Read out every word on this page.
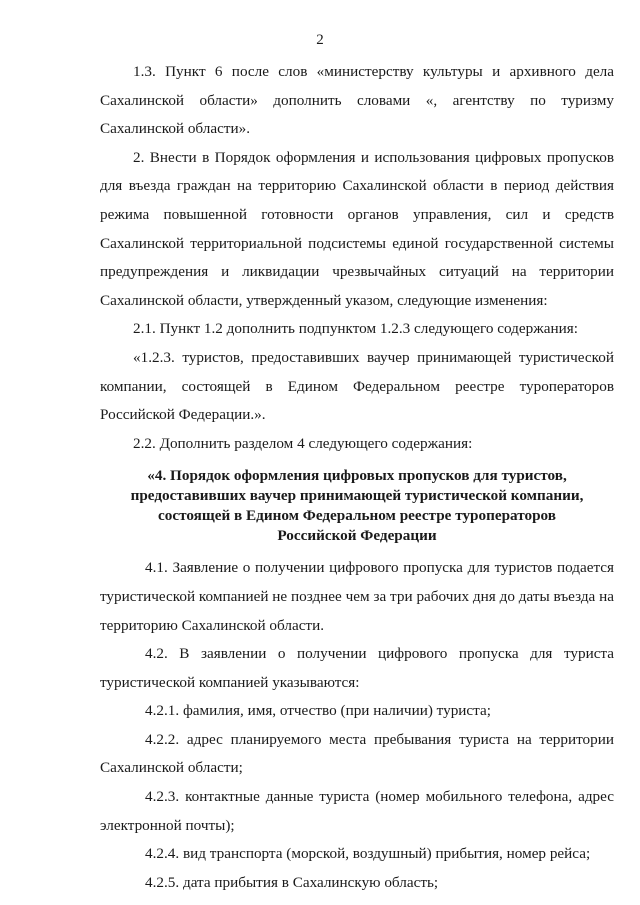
2

1.3. Пункт 6 после слов «министерству культуры и архивного дела Сахалинской области» дополнить словами «, агентству по туризму Сахалинской области».

2. Внести в Порядок оформления и использования цифровых пропусков для въезда граждан на территорию Сахалинской области в период действия режима повышенной готовности органов управления, сил и средств Сахалинской территориальной подсистемы единой государственной системы предупреждения и ликвидации чрезвычайных ситуаций на территории Сахалинской области, утвержденный указом, следующие изменения:

2.1. Пункт 1.2 дополнить подпунктом 1.2.3 следующего содержания:

«1.2.3. туристов, предоставивших ваучер принимающей туристической компании, состоящей в Едином Федеральном реестре туроператоров Российской Федерации.».

2.2. Дополнить разделом 4 следующего содержания:

«4. Порядок оформления цифровых пропусков для туристов,
предоставивших ваучер принимающей туристической компании,
состоящей в Едином Федеральном реестре туроператоров
Российской Федерации

4.1. Заявление о получении цифрового пропуска для туристов подается туристической компанией не позднее чем за три рабочих дня до даты въезда на территорию Сахалинской области.

4.2. В заявлении о получении цифрового пропуска для туриста туристической компанией указываются:

4.2.1. фамилия, имя, отчество (при наличии) туриста;

4.2.2. адрес планируемого места пребывания туриста на территории Сахалинской области;

4.2.3. контактные данные туриста (номер мобильного телефона, адрес электронной почты);

4.2.4. вид транспорта (морской, воздушный) прибытия, номер рейса;

4.2.5. дата прибытия в Сахалинскую область;
